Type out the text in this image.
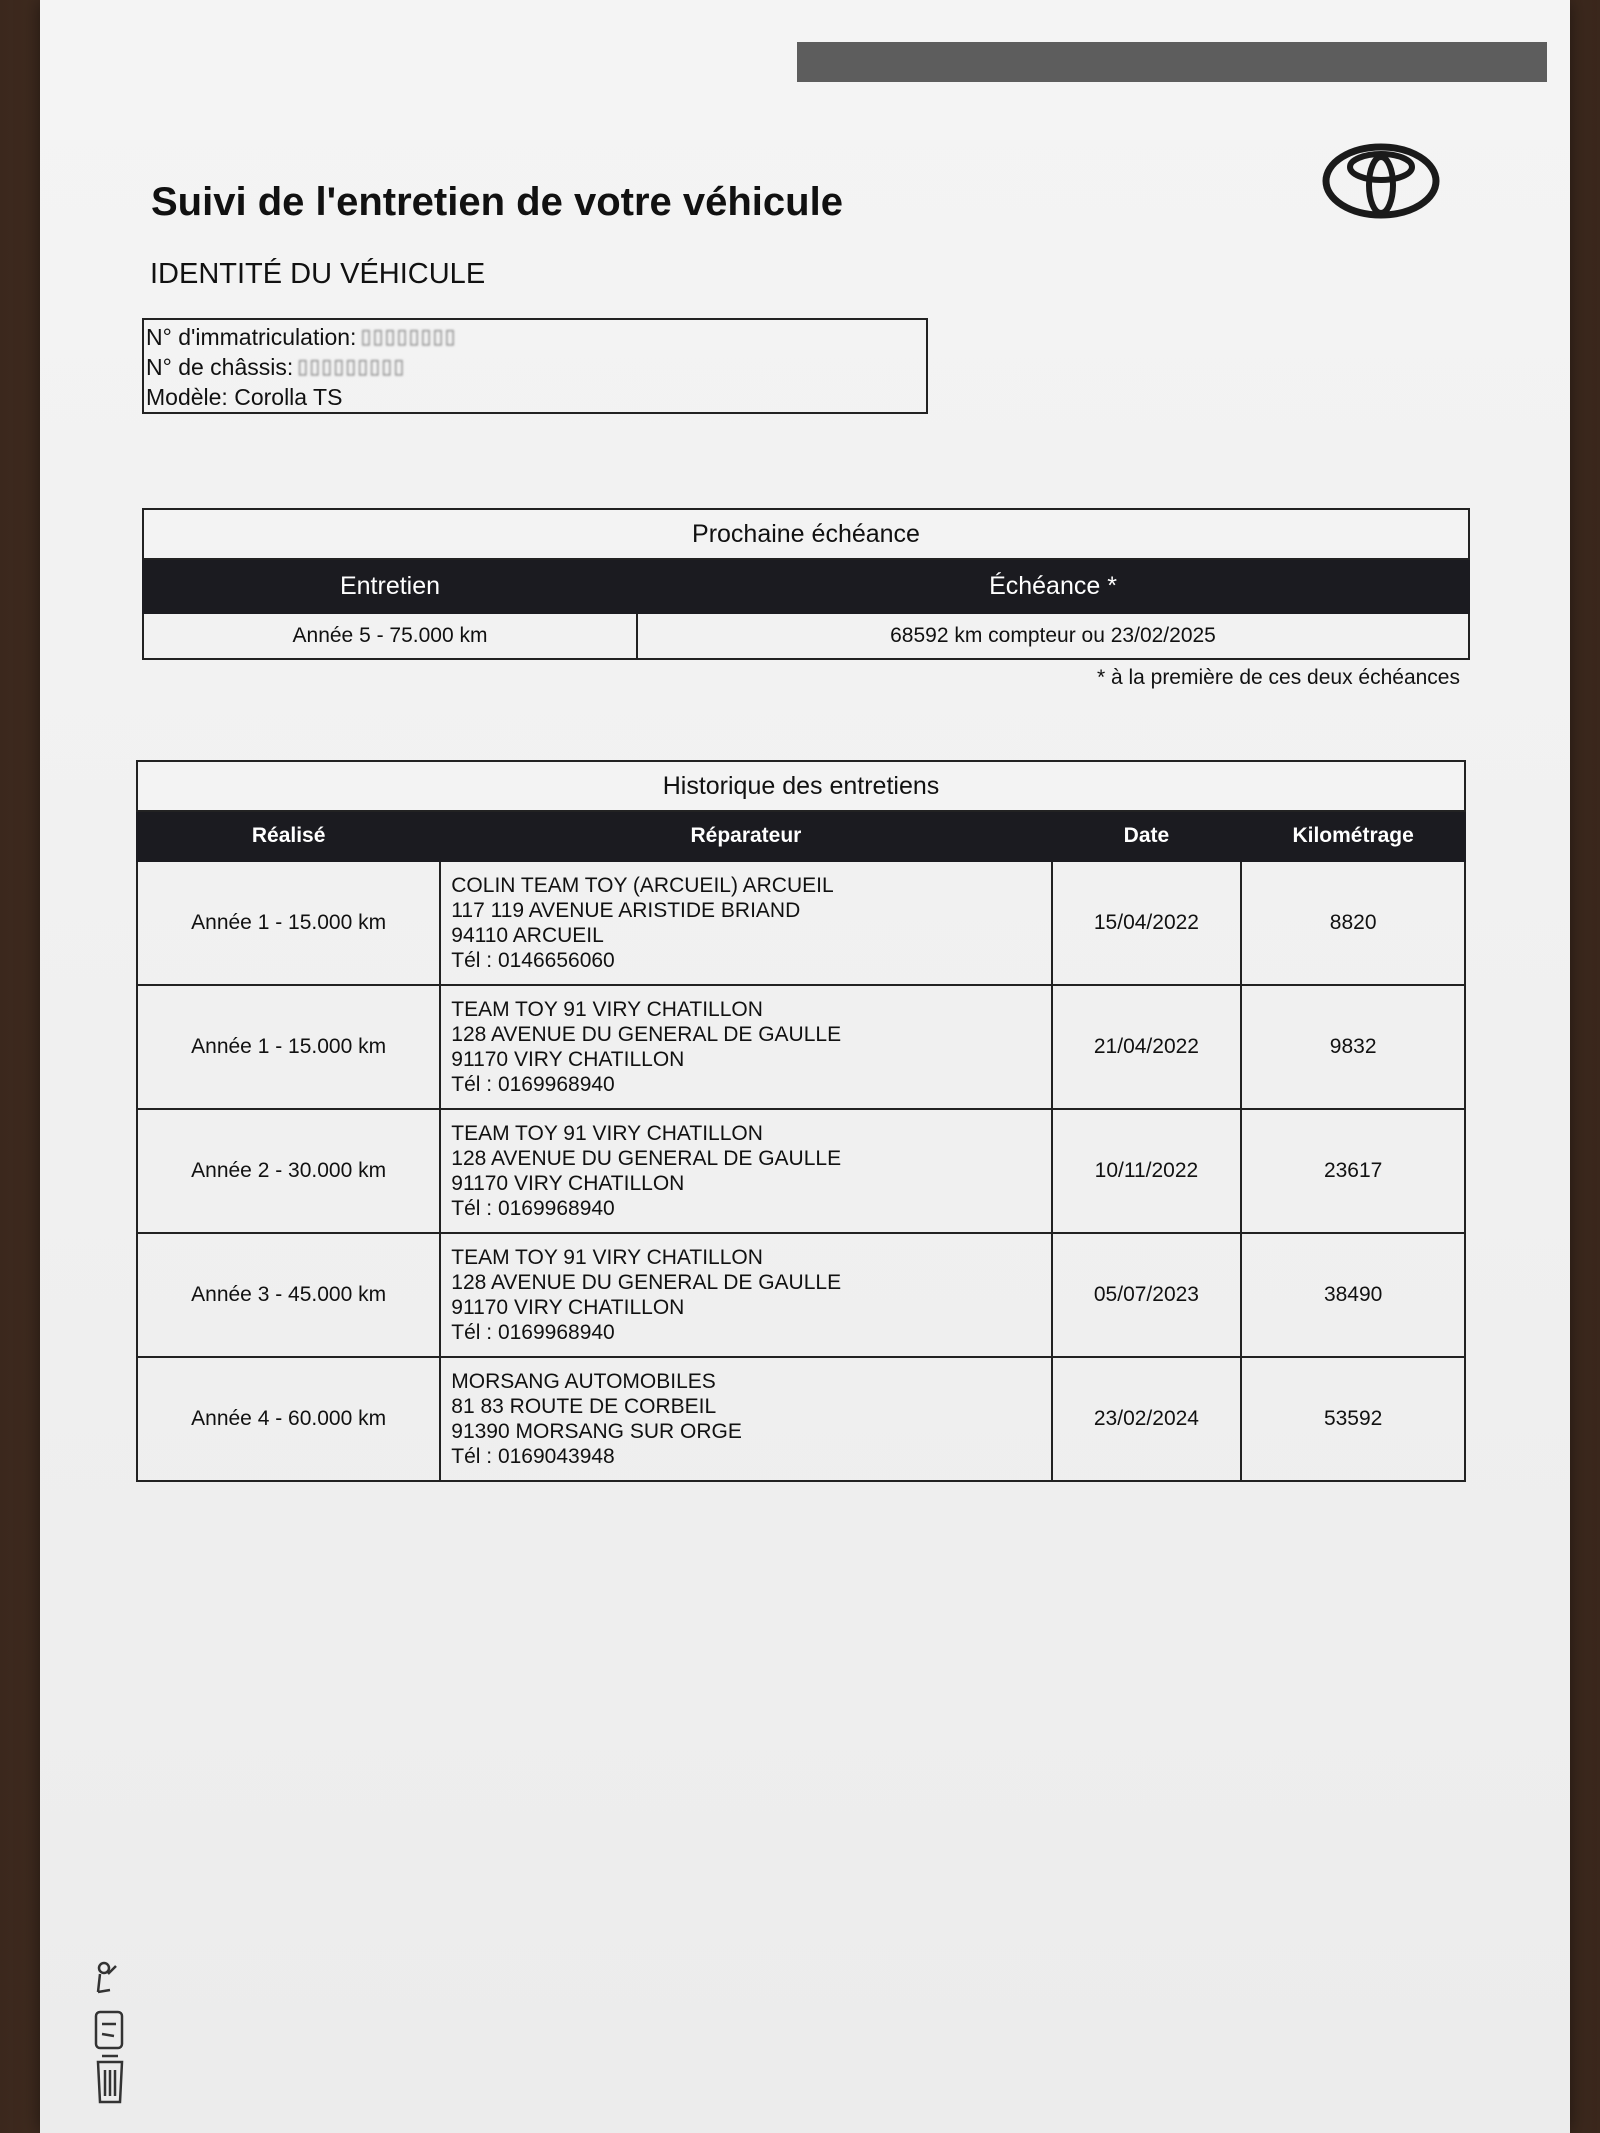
Suivi de l'entretien de votre véhicule
IDENTITÉ DU VÉHICULE
N° d'immatriculation: ▯▯▯▯▯▯▯▯
N° de châssis: ▯▯▯▯▯▯▯▯▯
Modèle:
Corolla TS
Prochaine échéance	
Entretien	Échéance *
Année 5 - 75.000 km	68592 km compteur ou 23/02/2025
* à la première de ces deux échéances
Historique des entretiens			
Réalisé	Réparateur	Date	Kilométrage
Année 1 - 15.000 km	COLIN TEAM TOY (ARCUEIL) ARCUEIL
117 119 AVENUE ARISTIDE BRIAND
94110 ARCUEIL
Tél : 0146656060	15/04/2022	8820
Année 1 - 15.000 km	TEAM TOY 91 VIRY CHATILLON
128 AVENUE DU GENERAL DE GAULLE
91170 VIRY CHATILLON
Tél : 0169968940	21/04/2022	9832
Année 2 - 30.000 km	TEAM TOY 91 VIRY CHATILLON
128 AVENUE DU GENERAL DE GAULLE
91170 VIRY CHATILLON
Tél : 0169968940	10/11/2022	23617
Année 3 - 45.000 km	TEAM TOY 91 VIRY CHATILLON
128 AVENUE DU GENERAL DE GAULLE
91170 VIRY CHATILLON
Tél : 0169968940	05/07/2023	38490
Année 4 - 60.000 km	MORSANG AUTOMOBILES
81 83 ROUTE DE CORBEIL
91390 MORSANG SUR ORGE
Tél : 0169043948	23/02/2024	53592
